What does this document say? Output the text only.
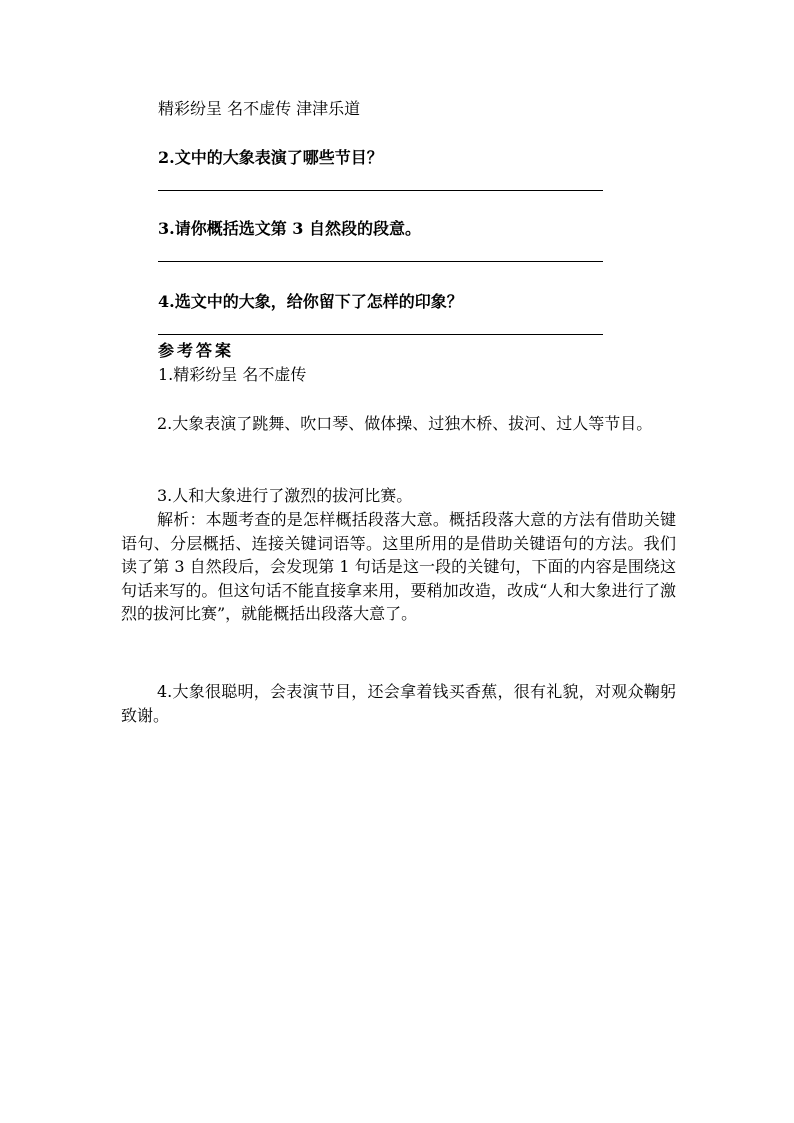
精彩纷呈 名不虚传 津津乐道
2.文中的大象表演了哪些节目？
3.请你概括选文第 3 自然段的段意。
4.选文中的大象，给你留下了怎样的印象？
参考答案
1.精彩纷呈 名不虚传

2.大象表演了跳舞、吹口琴、做体操、过独木桥、拔河、过人等节目。

3.人和大象进行了激烈的拔河比赛。

解析：本题考查的是怎样概括段落大意。概括段落大意的方法有借助关键语句、分层概括、连接关键词语等。这里所用的是借助关键语句的方法。我们读了第 3 自然段后，会发现第 1 句话是这一段的关键句，下面的内容是围绕这句话来写的。但这句话不能直接拿来用，要稍加改造，改成“人和大象进行了激烈的拔河比赛”，就能概括出段落大意了。

4.大象很聪明，会表演节目，还会拿着钱买香蕉，很有礼貌，对观众鞠躬致谢。
